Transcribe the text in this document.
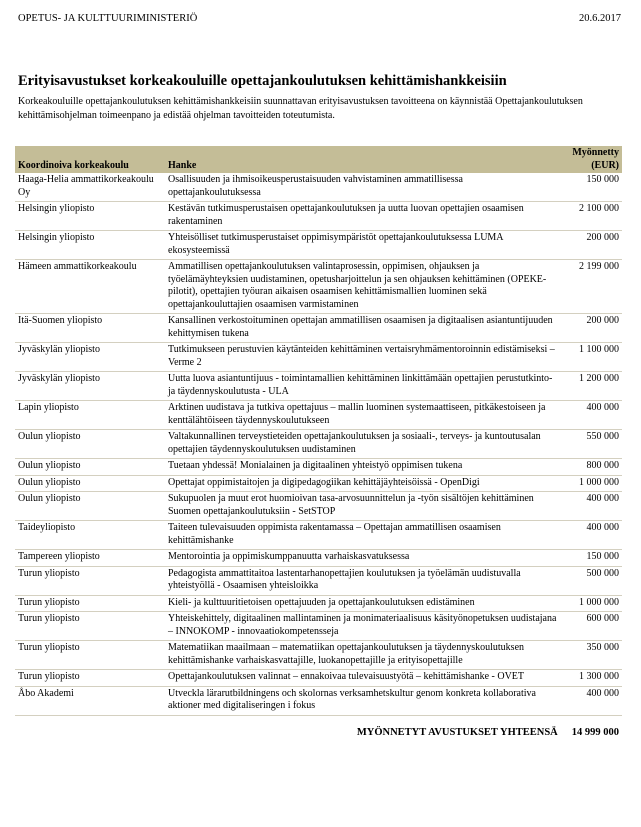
OPETUS- JA KULTTUURIMINISTERIÖ	20.6.2017
Erityisavustukset korkeakouluille opettajankoulutuksen kehittämishankkeisiin

Korkeakouluille opettajankoulutuksen kehittämishankkeisiin suunnattavan erityisavustuksen tavoitteena on käynnistää Opettajankoulutuksen kehittämisohjelman toimeenpano ja edistää ohjelman tavoitteiden toteutumista.

Koordinoiva korkeakoulu	Hanke	Myönnetty (EUR)
Haaga-Helia ammattikorkeakoulu Oy	Osallisuuden ja ihmisoikeusperustaisuuden vahvistaminen ammatillisessa opettajankoulutuksessa	150 000
Helsingin yliopisto	Kestävän tutkimusperustaisen opettajankoulutuksen ja uutta luovan opettajien osaamisen rakentaminen	2 100 000
Helsingin yliopisto	Yhteisölliset tutkimusperustaiset oppimisympäristöt opettajankoulutuksessa LUMA ekosysteemissä	200 000
Hämeen ammattikorkeakoulu	Ammatillisen opettajankoulutuksen valintaprosessin, oppimisen, ohjauksen ja työelämäyhteyksien uudistaminen, opetusharjoittelun ja sen ohjauksen kehittäminen (OPEKE-pilotit), opettajien työuran aikaisen osaamisen kehittämismallien luominen sekä opettajankouluttajien osaamisen varmistaminen	2 199 000
Itä-Suomen yliopisto	Kansallinen verkostoituminen opettajan ammatillisen osaamisen ja digitaalisen asiantuntijuuden kehittymisen tukena	200 000
Jyväskylän yliopisto	Tutkimukseen perustuvien käytänteiden kehittäminen vertaisryhmämentoroinnin edistämiseksi – Verme 2	1 100 000
Jyväskylän yliopisto	Uutta luova asiantuntijuus - toimintamallien kehittäminen linkittämään opettajien perustutkinto- ja täydennyskoulutusta - ULA	1 200 000
Lapin yliopisto	Arktinen uudistava ja tutkiva opettajuus – mallin luominen systemaattiseen, pitkäkestoiseen ja kenttälähtöiseen täydennyskoulutukseen	400 000
Oulun yliopisto	Valtakunnallinen terveystieteiden opettajankoulutuksen ja sosiaali-, terveys- ja kuntoutusalan opettajien täydennyskoulutuksen uudistaminen	550 000
Oulun yliopisto	Tuetaan yhdessä! Monialainen ja digitaalinen yhteistyö oppimisen tukena	800 000
Oulun yliopisto	Opettajat oppimistaitojen ja digipedagogiikan kehittäjäyhteisöissä - OpenDigi	1 000 000
Oulun yliopisto	Sukupuolen ja muut erot huomioivan tasa-arvosuunnittelun ja -työn sisältöjen kehittäminen Suomen opettajankoulutuksiin - SetSTOP	400 000
Taideyliopisto	Taiteen tulevaisuuden oppimista rakentamassa – Opettajan ammatillisen osaamisen kehittämishanke	400 000
Tampereen yliopisto	Mentorointia ja oppimiskumppanuutta varhaiskasvatuksessa	150 000
Turun yliopisto	Pedagogista ammattitaitoa lastentarhanopettajien koulutuksen ja työelämän uudistuvalla yhteistyöllä - Osaamisen yhteisloikka	500 000
Turun yliopisto	Kieli- ja kulttuuritietoisen opettajuuden ja opettajankoulutuksen edistäminen	1 000 000
Turun yliopisto	Yhteiskehittely, digitaalinen mallintaminen ja monimateriaalisuus käsityönopetuksen uudistajana – INNOKOMP - innovaatiokompetensseja	600 000
Turun yliopisto	Matematiikan maailmaan – matematiikan opettajankoulutuksen ja täydennyskoulutuksen kehittämishanke varhaiskasvattajille, luokanopettajille ja erityisopettajille	350 000
Turun yliopisto	Opettajankoulutuksen valinnat – ennakoivaa tulevaisuustyötä – kehittämishanke - OVET	1 300 000
Åbo Akademi	Utveckla lärarutbildningens och skolornas verksamhetskultur genom konkreta kollaborativa aktioner med digitaliseringen i fokus	400 000
MYÖNNETYT AVUSTUKSET YHTEENSÄ 14 999 000
